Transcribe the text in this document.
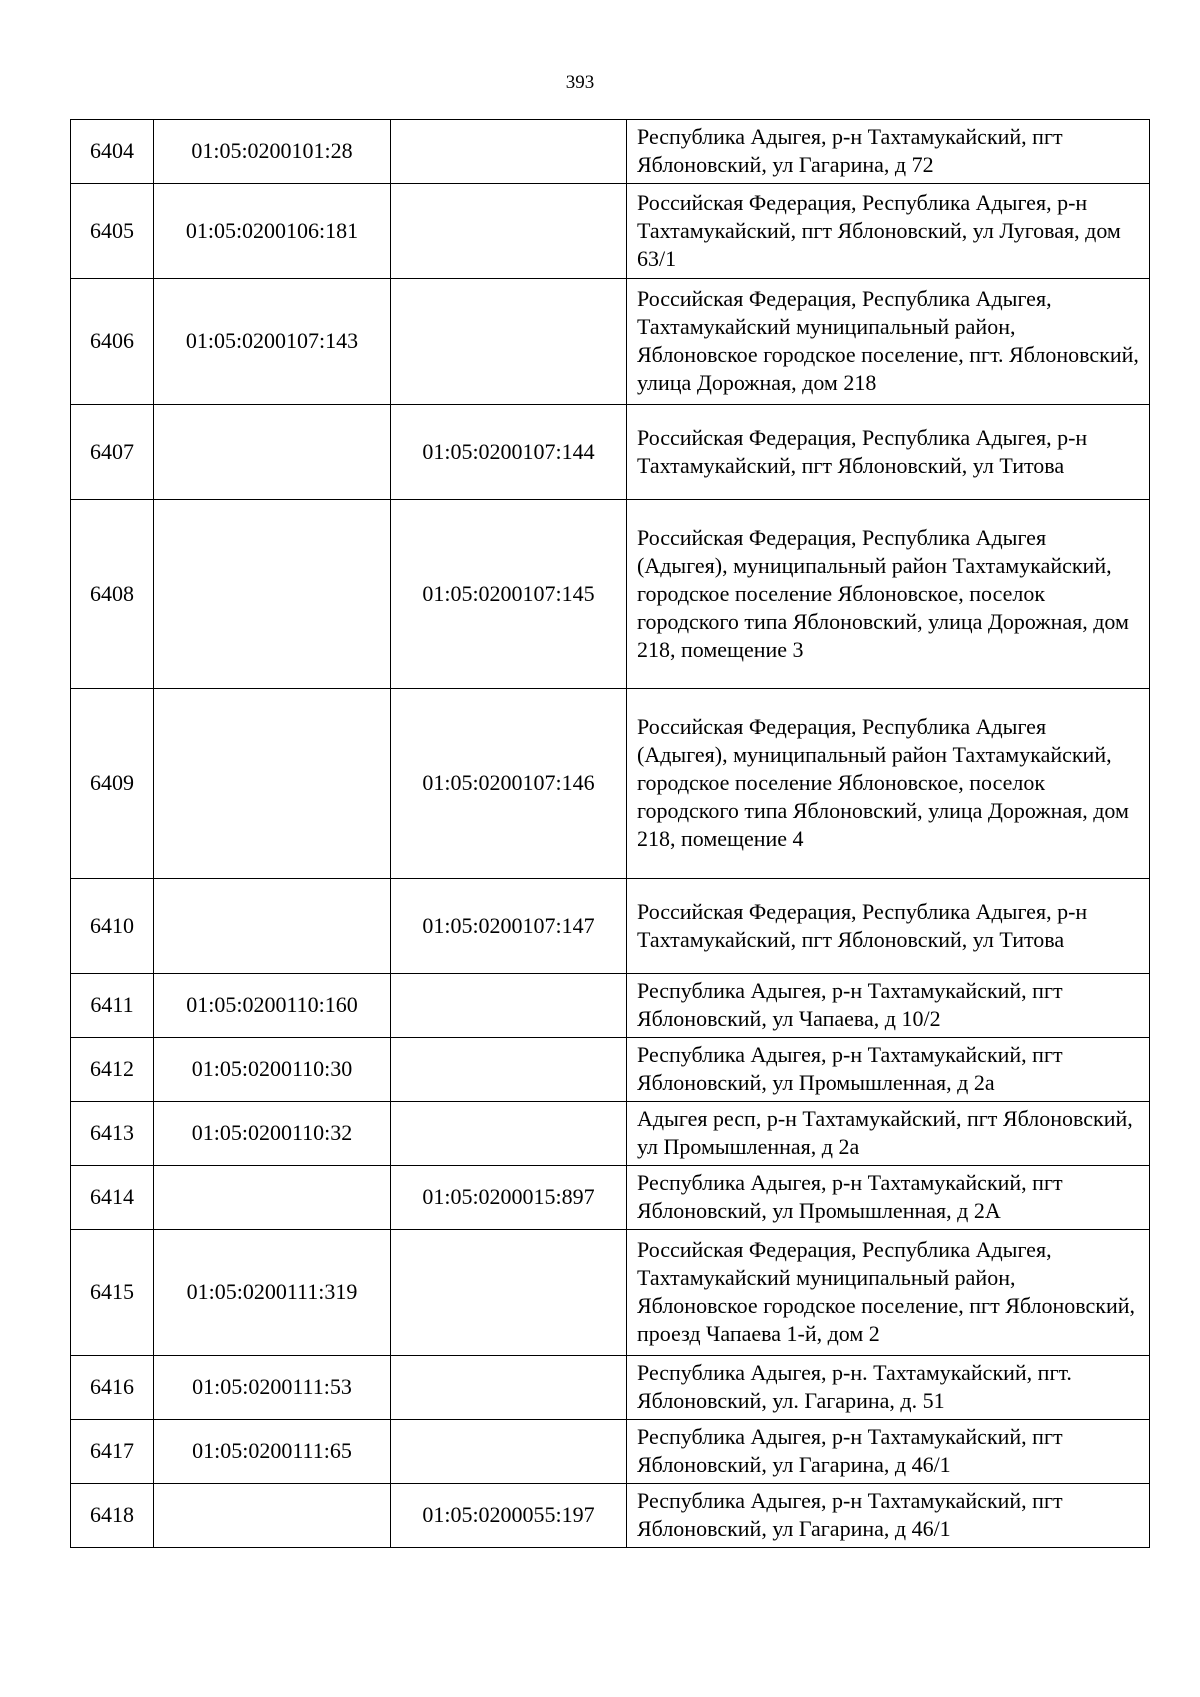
393
6404	01:05:0200101:28		Республика Адыгея, р-н Тахтамукайский, пгт Яблоновский, ул Гагарина, д 72
6405	01:05:0200106:181		Российская Федерация, Республика Адыгея, р-н Тахтамукайский, пгт Яблоновский, ул Луговая, дом 63/1
6406	01:05:0200107:143		Российская Федерация, Республика Адыгея, Тахтамукайский муниципальный район, Яблоновское городское поселение, пгт. Яблоновский, улица Дорожная, дом 218
6407		01:05:0200107:144	Российская Федерация, Республика Адыгея, р-н Тахтамукайский, пгт Яблоновский, ул Титова
6408		01:05:0200107:145	Российская Федерация, Республика Адыгея (Адыгея), муниципальный район Тахтамукайский, городское поселение Яблоновское, поселок городского типа Яблоновский, улица Дорожная, дом 218, помещение 3
6409		01:05:0200107:146	Российская Федерация, Республика Адыгея (Адыгея), муниципальный район Тахтамукайский, городское поселение Яблоновское, поселок городского типа Яблоновский, улица Дорожная, дом 218, помещение 4
6410		01:05:0200107:147	Российская Федерация, Республика Адыгея, р-н Тахтамукайский, пгт Яблоновский, ул Титова
6411	01:05:0200110:160		Республика Адыгея, р-н Тахтамукайский, пгт Яблоновский, ул Чапаева, д 10/2
6412	01:05:0200110:30		Республика Адыгея, р-н Тахтамукайский, пгт Яблоновский, ул Промышленная, д 2а
6413	01:05:0200110:32		Адыгея респ, р-н Тахтамукайский, пгт Яблоновский, ул Промышленная, д 2а
6414		01:05:0200015:897	Республика Адыгея, р-н Тахтамукайский, пгт Яблоновский, ул Промышленная, д 2А
6415	01:05:0200111:319		Российская Федерация, Республика Адыгея, Тахтамукайский муниципальный район, Яблоновское городское поселение, пгт Яблоновский, проезд Чапаева 1-й, дом 2
6416	01:05:0200111:53		Республика Адыгея, р-н. Тахтамукайский, пгт. Яблоновский, ул. Гагарина, д. 51
6417	01:05:0200111:65		Республика Адыгея, р-н Тахтамукайский, пгт Яблоновский, ул Гагарина, д 46/1
6418		01:05:0200055:197	Республика Адыгея, р-н Тахтамукайский, пгт Яблоновский, ул Гагарина, д 46/1
